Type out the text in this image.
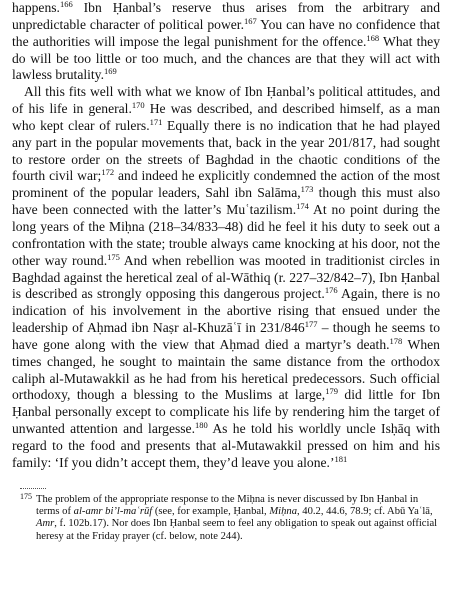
happens.$^{166}$ Ibn Ḥanbal’s reserve thus arises from the arbitrary and unpredictable character of political power.$^{167}$ You can have no confidence that the authorities will impose the legal punishment for the offence.$^{168}$ What they do will be too little or too much, and the chances are that they will act with lawless brutality.$^{169}$

All this fits well with what we know of Ibn Ḥanbal’s political attitudes, and of his life in general.$^{170}$ He was described, and described himself, as a man who kept clear of rulers.$^{171}$ Equally there is no indication that he had played any part in the popular movements that, back in the year 201/817, had sought to restore order on the streets of Baghdad in the chaotic conditions of the fourth civil war;$^{172}$ and indeed he explicitly condemned the action of the most prominent of the popular leaders, Sahl ibn Salāma,$^{173}$ though this must also have been connected with the latter’s Muʿtazilism.$^{174}$ At no point during the long years of the Miḥna (218–34/833–48) did he feel it his duty to seek out a confrontation with the state; trouble always came knocking at his door, not the other way round.$^{175}$ And when rebellion was mooted in traditionist circles in Baghdad against the heretical zeal of al-Wāthiq (r. 227–32/842–7), Ibn Ḥanbal is described as strongly opposing this dangerous project.$^{176}$ Again, there is no indication of his involvement in the abortive rising that ensued under the leadership of Aḥmad ibn Naṣr al-Khuzāʿī in $231/846^{177}$ – though he seems to have gone along with the view that Aḥmad died a martyr’s death.$^{178}$ When times changed, he sought to maintain the same distance from the orthodox caliph al-Mutawakkil as he had from his heretical predecessors. Such official orthodoxy, though a blessing to the Muslims at large,$^{179}$ did little for Ibn Ḥanbal personally except to complicate his life by rendering him the target of unwanted attention and largesse.$^{180}$ As he told his worldly uncle Isḥāq with regard to the food and presents that al-Mutawakkil pressed on him and his family: ‘If you didn’t accept them, they’d leave you alone.’$^{181}$

$^{175}$ The problem of the appropriate response to the Miḥna is never discussed by Ibn Ḥanbal in terms of al-amr bi’l-maʿrūf (see, for example, Ḥanbal, Miḥna, 40.2, 44.6, 78.9; cf. Abū Yaʿlā, Amr, f. 102b.17). Nor does Ibn Ḥanbal seem to feel any obligation to speak out against official heresy at the Friday prayer (cf. below, note 244).
